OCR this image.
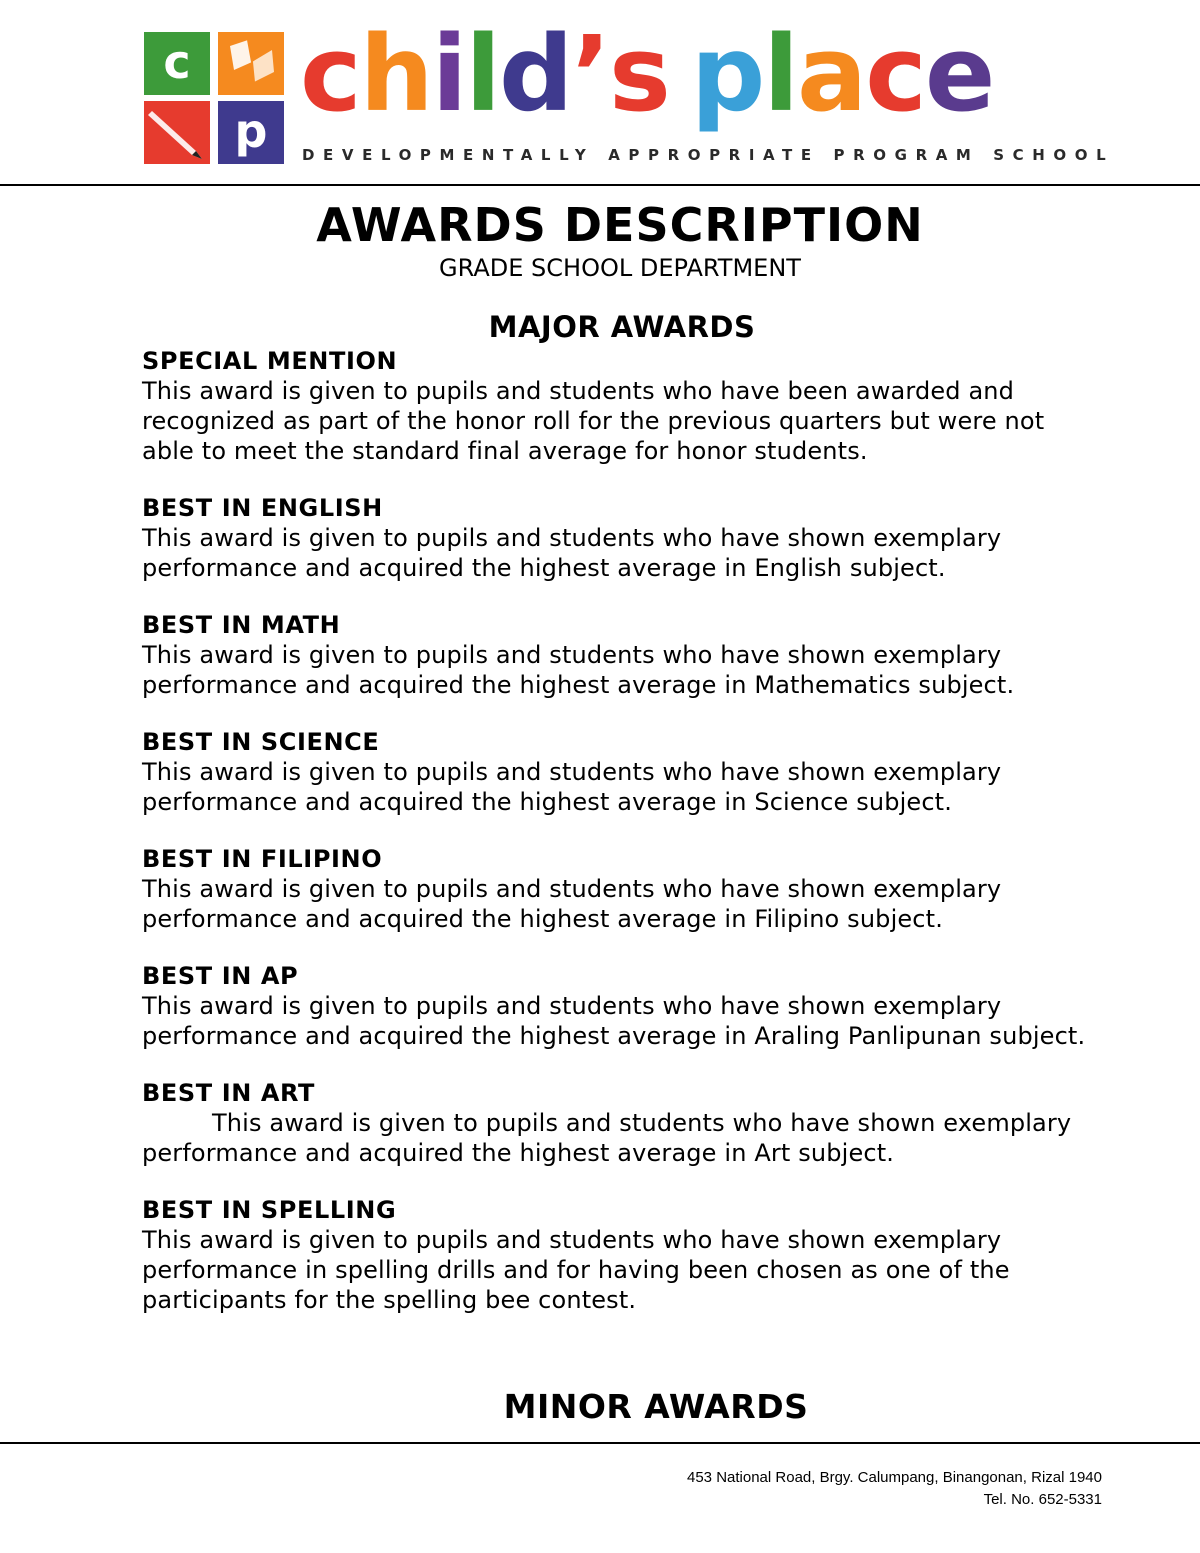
c
p c h i l d ’ s
p l a c e
DEVELOPMENTALLY APPROPRIATE PROGRAM SCHOOL
AWARDS DESCRIPTION
GRADE SCHOOL DEPARTMENT
MAJOR AWARDS
SPECIAL MENTION

This award is given to pupils and students who have been awarded and recognized as part of the honor roll for the previous quarters but were not able to meet the standard final average for honor students.

BEST IN ENGLISH

This award is given to pupils and students who have shown exemplary performance and acquired the highest average in English subject.

BEST IN MATH

This award is given to pupils and students who have shown exemplary performance and acquired the highest average in Mathematics subject.

BEST IN SCIENCE

This award is given to pupils and students who have shown exemplary performance and acquired the highest average in Science subject.

BEST IN FILIPINO

This award is given to pupils and students who have shown exemplary performance and acquired the highest average in Filipino subject.

BEST IN AP

This award is given to pupils and students who have shown exemplary performance and acquired the highest average in Araling Panlipunan subject.

BEST IN ART

This award is given to pupils and students who have shown exemplary performance and acquired the highest average in Art subject.

BEST IN SPELLING

This award is given to pupils and students who have shown exemplary performance in spelling drills and for having been chosen as one of the participants for the spelling bee contest.

MINOR AWARDS
453 National Road, Brgy. Calumpang, Binangonan, Rizal 1940
Tel. No. 652-5331
